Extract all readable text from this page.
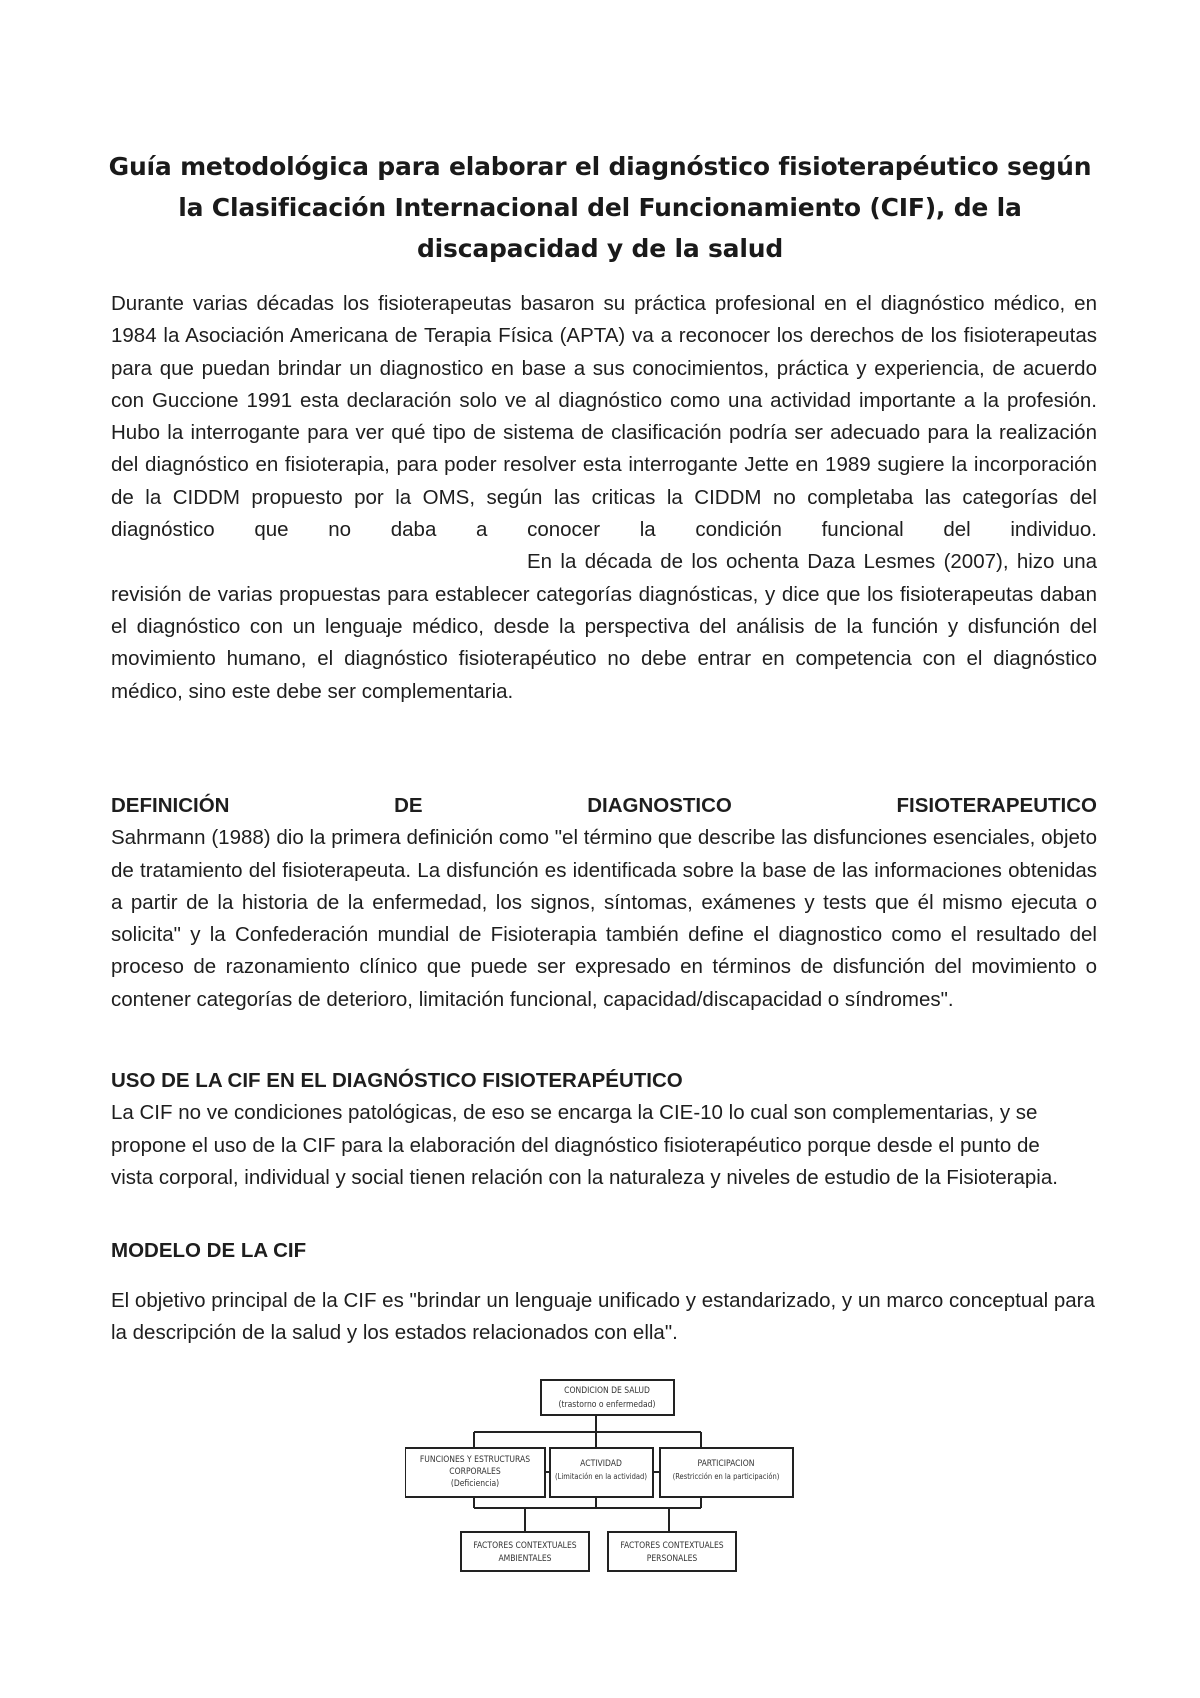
Guía metodológica para elaborar el diagnóstico fisioterapéutico según la Clasificación Internacional del Funcionamiento (CIF), de la discapacidad y de la salud
Durante varias décadas los fisioterapeutas basaron su práctica profesional en el diagnóstico médico, en 1984 la Asociación Americana de Terapia Física (APTA) va a reconocer los derechos de los fisioterapeutas para que puedan brindar un diagnostico en base a sus conocimientos, práctica y experiencia, de acuerdo con Guccione 1991 esta declaración solo ve al diagnóstico como una actividad importante a la profesión. Hubo la interrogante para ver qué tipo de sistema de clasificación podría ser adecuado para la realización del diagnóstico en fisioterapia, para poder resolver esta interrogante Jette en 1989 sugiere la incorporación de la CIDDM propuesto por la OMS, según las criticas la CIDDM no completaba las categorías del diagnóstico que no daba a conocer la condición funcional del individuo.En la década de los ochenta Daza Lesmes (2007), hizo una revisión de varias propuestas para establecer categorías diagnósticas, y dice que los fisioterapeutas daban el diagnóstico con un lenguaje médico, desde la perspectiva del análisis de la función y disfunción del movimiento humano, el diagnóstico fisioterapéutico no debe entrar en competencia con el diagnóstico médico, sino este debe ser complementaria.
DEFINICIÓN	DE	DIAGNOSTICO	FISIOTERAPEUTICO
Sahrmann (1988) dio la primera definición como "el término que describe las disfunciones esenciales, objeto de tratamiento del fisioterapeuta. La disfunción es identificada sobre la base de las informaciones obtenidas a partir de la historia de la enfermedad, los signos, síntomas, exámenes y tests que él mismo ejecuta o solicita" y la Confederación mundial de Fisioterapia también define el diagnostico como el resultado del proceso de razonamiento clínico que puede ser expresado en términos de disfunción del movimiento o contener categorías de deterioro, limitación funcional, capacidad/discapacidad o síndromes".
USO DE LA CIF EN EL DIAGNÓSTICO FISIOTERAPÉUTICO
La CIF no ve condiciones patológicas, de eso se encarga la CIE-10 lo cual son complementarias, y se propone el uso de la CIF para la elaboración del diagnóstico fisioterapéutico porque desde el punto de vista corporal, individual y social tienen relación con la naturaleza y niveles de estudio de la Fisioterapia.
MODELO DE LA CIF
El objetivo principal de la CIF es "brindar un lenguaje unificado y estandarizado, y un marco conceptual para la descripción de la salud y los estados relacionados con ella".
CONDICION DE SALUD
(trastorno o enfermedad)
FUNCIONES Y ESTRUCTURAS
CORPORALES
(Deficiencia)
ACTIVIDAD
(Limitación en la actividad)
PARTICIPACION
(Restricción en la participación)
FACTORES CONTEXTUALES
AMBIENTALES
FACTORES CONTEXTUALES
PERSONALES
